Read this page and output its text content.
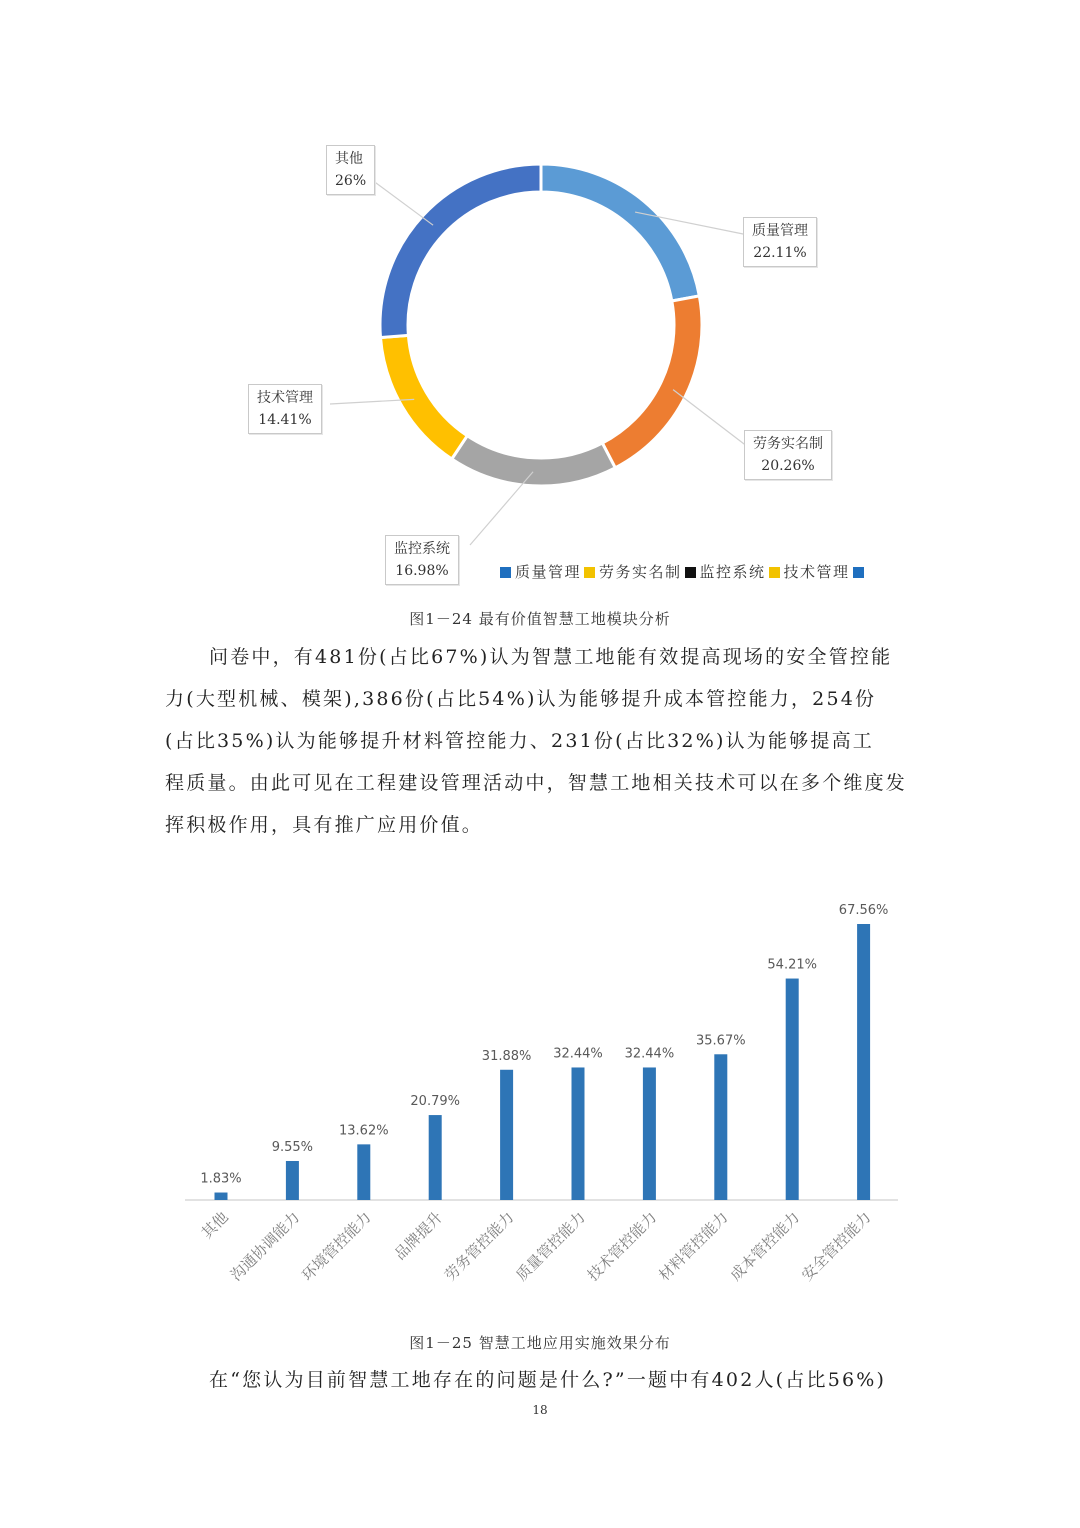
其他
26%
质量管理
22.11%
技术管理
14.41%
劳务实名制
20.26%
监控系统
16.98%	质量管理 劳务实名制 监控系统 技术管理
图1－24 最有价值智慧工地模块分析

问卷中，有481份(占比67%)认为智慧工地能有效提高现场的安全管控能

力(大型机械、模架),386份(占比54%)认为能够提升成本管控能力，254份

(占比35%)认为能够提升材料管控能力、231份(占比32%)认为能够提高工

程质量。由此可见在工程建设管理活动中，智慧工地相关技术可以在多个维度发

挥积极作用，具有推广应用价值。

1.83%
其他
9.55%
沟通协调能力
13.62%
环境管控能力
20.79%
品牌提升
31.88%
劳务管控能力
32.44%
质量管控能力
32.44%
技术管控能力
35.67%
材料管控能力
54.21%
成本管控能力
67.56%
安全管控能力
图1－25 智慧工地应用实施效果分布

在“您认为目前智慧工地存在的问题是什么?”一题中有402人(占比56%)

18
